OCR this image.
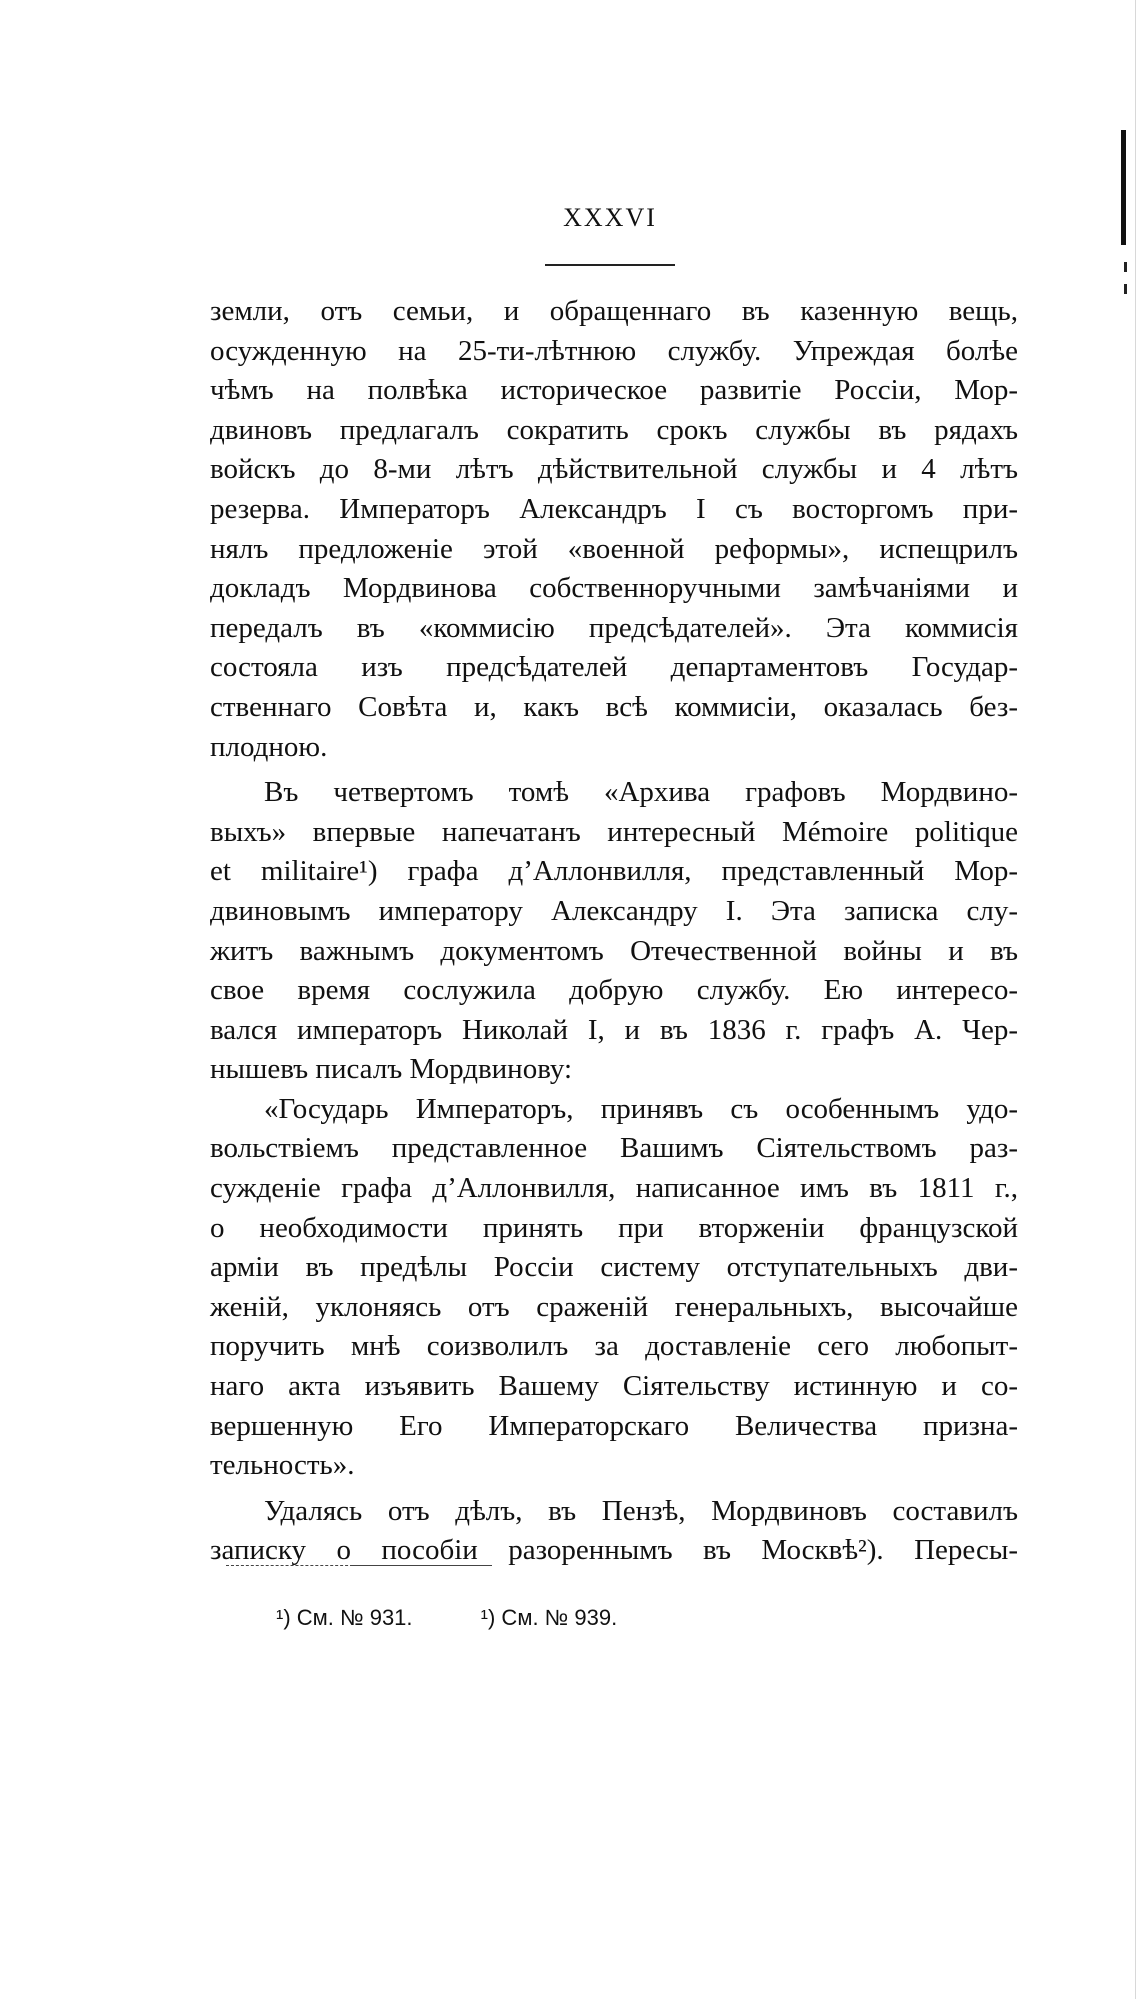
XXXVI
земли, отъ семьи, и обращеннаго въ казенную вещь,
осужденную на 25-ти-лѣтнюю службу. Упреждая болѣе
чѣмъ на полвѣка историческое развитіе Россіи, Мор-
двиновъ предлагалъ сократить срокъ службы въ рядахъ
войскъ до 8-ми лѣтъ дѣйствительной службы и 4 лѣтъ
резерва. Императоръ Александръ I съ восторгомъ при-
нялъ предложеніе этой «военной реформы», испещрилъ
докладъ Мордвинова собственноручными замѣчаніями и
передалъ въ «коммисію предсѣдателей». Эта коммисія
состояла изъ предсѣдателей департаментовъ Государ-
ственнаго Совѣта и, какъ всѣ коммисіи, оказалась без-
плодною.
Въ четвертомъ томѣ «Архива графовъ Мордвино-
выхъ» впервые напечатанъ интересный Mémoire politique
et militaire¹) графа д’Аллонвилля, представленный Мор-
двиновымъ императору Александру I. Эта записка слу-
житъ важнымъ документомъ Отечественной войны и въ
свое время сослужила добрую службу. Ею интересо-
вался императоръ Николай I, и въ 1836 г. графъ А. Чер-
нышевъ писалъ Мордвинову:
«Государь Императоръ, принявъ съ особеннымъ удо-
вольствіемъ представленное Вашимъ Сіятельствомъ раз-
сужденіе графа д’Аллонвилля, написанное имъ въ 1811 г.,
о необходимости принять при вторженіи французской
арміи въ предѣлы Россіи систему отступательныхъ дви-
женій, уклоняясь отъ сраженій генеральныхъ, высочайше
поручить мнѣ соизволилъ за доставленіе сего любопыт-
наго акта изъявить Вашему Сіятельству истинную и со-
вершенную Его Императорскаго Величества призна-
тельность».
Удалясь отъ дѣлъ, въ Пензѣ, Мордвиновъ составилъ
записку о пособіи разореннымъ въ Москвѣ²). Пересы-
¹) См. № 931.	¹) См. № 939.
